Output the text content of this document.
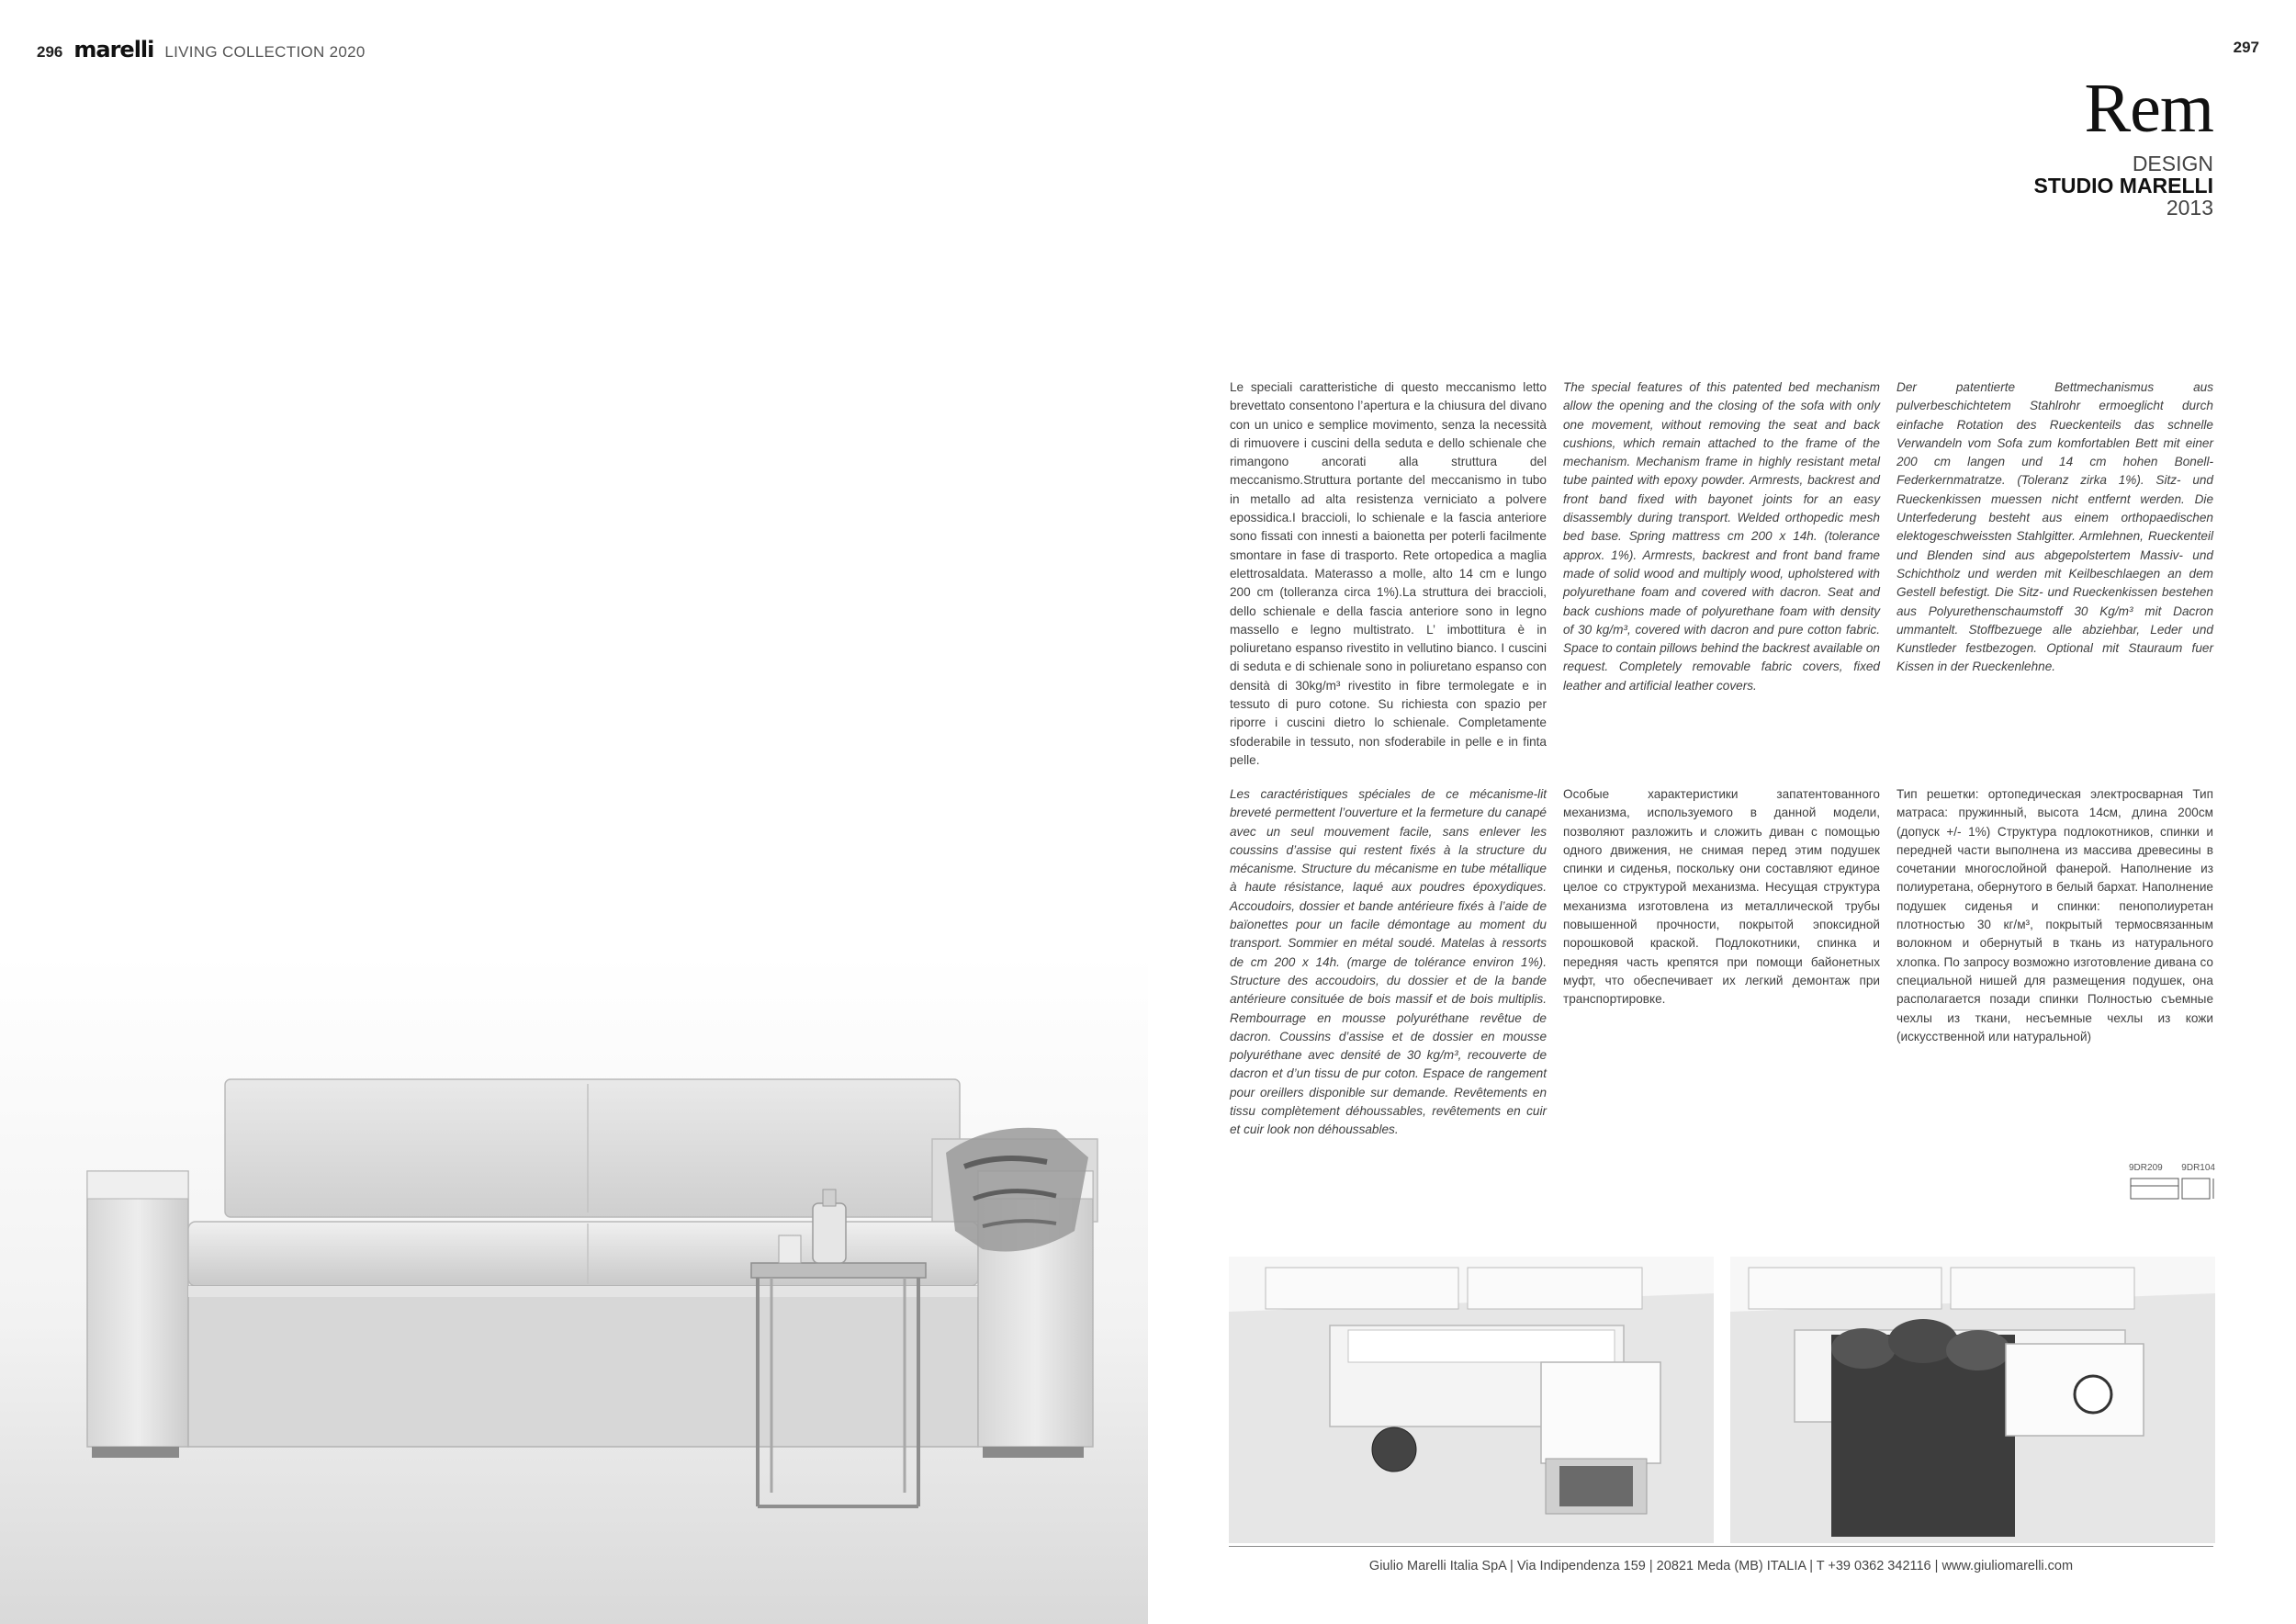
296 marelli LIVING COLLECTION 2020	297
Rem
DESIGN
STUDIO MARELLI
2013
Le speciali caratteristiche di questo meccanismo letto brevettato consentono l’apertura e la chiusura del divano con un unico e semplice movimento, senza la necessità di rimuovere i cuscini della seduta e dello schienale che rimangono ancorati alla struttura del meccanismo.Struttura portante del meccanismo in tubo in metallo ad alta resistenza verniciato a polvere epossidica.I braccioli, lo schienale e la fascia anteriore sono fissati con innesti a baionetta per poterli facilmente smontare in fase di trasporto. Rete ortopedica a maglia elettrosaldata. Materasso a molle, alto 14 cm e lungo 200 cm (tolleranza circa 1%).La struttura dei braccioli, dello schienale e della fascia anteriore sono in legno massello e legno multistrato. L’ imbottitura è in poliuretano espanso rivestito in vellutino bianco. I cuscini di seduta e di schienale sono in poliuretano espanso con densità di 30kg/m³ rivestito in fibre termolegate e in tessuto di puro cotone. Su richiesta con spazio per riporre i cuscini dietro lo schienale. Completamente sfoderabile in tessuto, non sfoderabile in pelle e in finta pelle.
The special features of this patented bed mechanism allow the opening and the closing of the sofa with only one movement, without removing the seat and back cushions, which remain attached to the frame of the mechanism. Mechanism frame in highly resistant metal tube painted with epoxy powder. Armrests, backrest and front band fixed with bayonet joints for an easy disassembly during transport. Welded orthopedic mesh bed base. Spring mattress cm 200 x 14h. (tolerance approx. 1%). Armrests, backrest and front band frame made of solid wood and multiply wood, upholstered with polyurethane foam and covered with dacron. Seat and back cushions made of polyurethane foam with density of 30 kg/m³, covered with dacron and pure cotton fabric. Space to contain pillows behind the backrest available on request. Completely removable fabric covers, fixed leather and artificial leather covers.
Der patentierte Bettmechanismus aus pulverbeschichtetem Stahlrohr ermoeglicht durch einfache Rotation des Rueckenteils das schnelle Verwandeln vom Sofa zum komfortablen Bett mit einer 200 cm langen und 14 cm hohen Bonell-Federkernmatratze. (Toleranz zirka 1%). Sitz- und Rueckenkissen muessen nicht entfernt werden. Die Unterfederung besteht aus einem orthopaedischen elektogeschweissten Stahlgitter. Armlehnen, Rueckenteil und Blenden sind aus abgepolstertem Massiv- und Schichtholz und werden mit Keilbeschlaegen an dem Gestell befestigt. Die Sitz- und Rueckenkissen bestehen aus Polyurethenschaumstoff 30 Kg/m³ mit Dacron ummantelt. Stoffbezuege alle abziehbar, Leder und Kunstleder festbezogen. Optional mit Stauraum fuer Kissen in der Rueckenlehne.
Les caractéristiques spéciales de ce mécanisme-lit breveté permettent l’ouverture et la fermeture du canapé avec un seul mouvement facile, sans enlever les coussins d’assise qui restent fixés à la structure du mécanisme. Structure du mécanisme en tube métallique à haute résistance, laqué aux poudres époxydiques. Accoudoirs, dossier et bande antérieure fixés à l’aide de baïonettes pour un facile démontage au moment du transport. Sommier en métal soudé. Matelas à ressorts de cm 200 x 14h. (marge de tolérance environ 1%). Structure des accoudoirs, du dossier et de la bande antérieure consituée de bois massif et de bois multiplis. Rembourrage en mousse polyuréthane revêtue de dacron. Coussins d’assise et de dossier en mousse polyuréthane avec densité de 30 kg/m³, recouverte de dacron et d’un tissu de pur coton. Espace de rangement pour oreillers disponible sur demande. Revêtements en tissu complètement déhoussables, revêtements en cuir et cuir look non déhoussables.
Особые характеристики запатентованного механизма, используемого в данной модели, позволяют разложить и сложить диван с помощью одного движения, не снимая перед этим подушек спинки и сиденья, поскольку они составляют единое целое со структурой механизма. Несущая структура механизма изготовлена из металлической трубы повышенной прочности, покрытой эпоксидной порошковой краской. Подлокотники, спинка и передняя часть крепятся при помощи байонетных муфт, что обеспечивает их легкий демонтаж при транспортировке.
Тип решетки: ортопедическая электросварная Тип матраса: пружинный, высота 14см, длина 200см (допуск +/- 1%) Структура подлокотников, спинки и передней части выполнена из массива древесины в сочетании многослойной фанерой. Наполнение из полиуретана, обернутого в белый бархат. Наполнение подушек сиденья и спинки: пенополиуретан плотностью 30 кг/м³, покрытый термосвязанным волокном и обернутый в ткань из натурального хлопка. По запросу возможно изготовление дивана со специальной нишей для размещения подушек, она располагается позади спинки Полностью съемные чехлы из ткани, несъемные чехлы из кожи (искусственной или натуральной)
9DR209 9DR104
Giulio Marelli Italia SpA | Via Indipendenza 159 | 20821 Meda (MB) ITALIA | T +39 0362 342116 | www.giuliomarelli.com
